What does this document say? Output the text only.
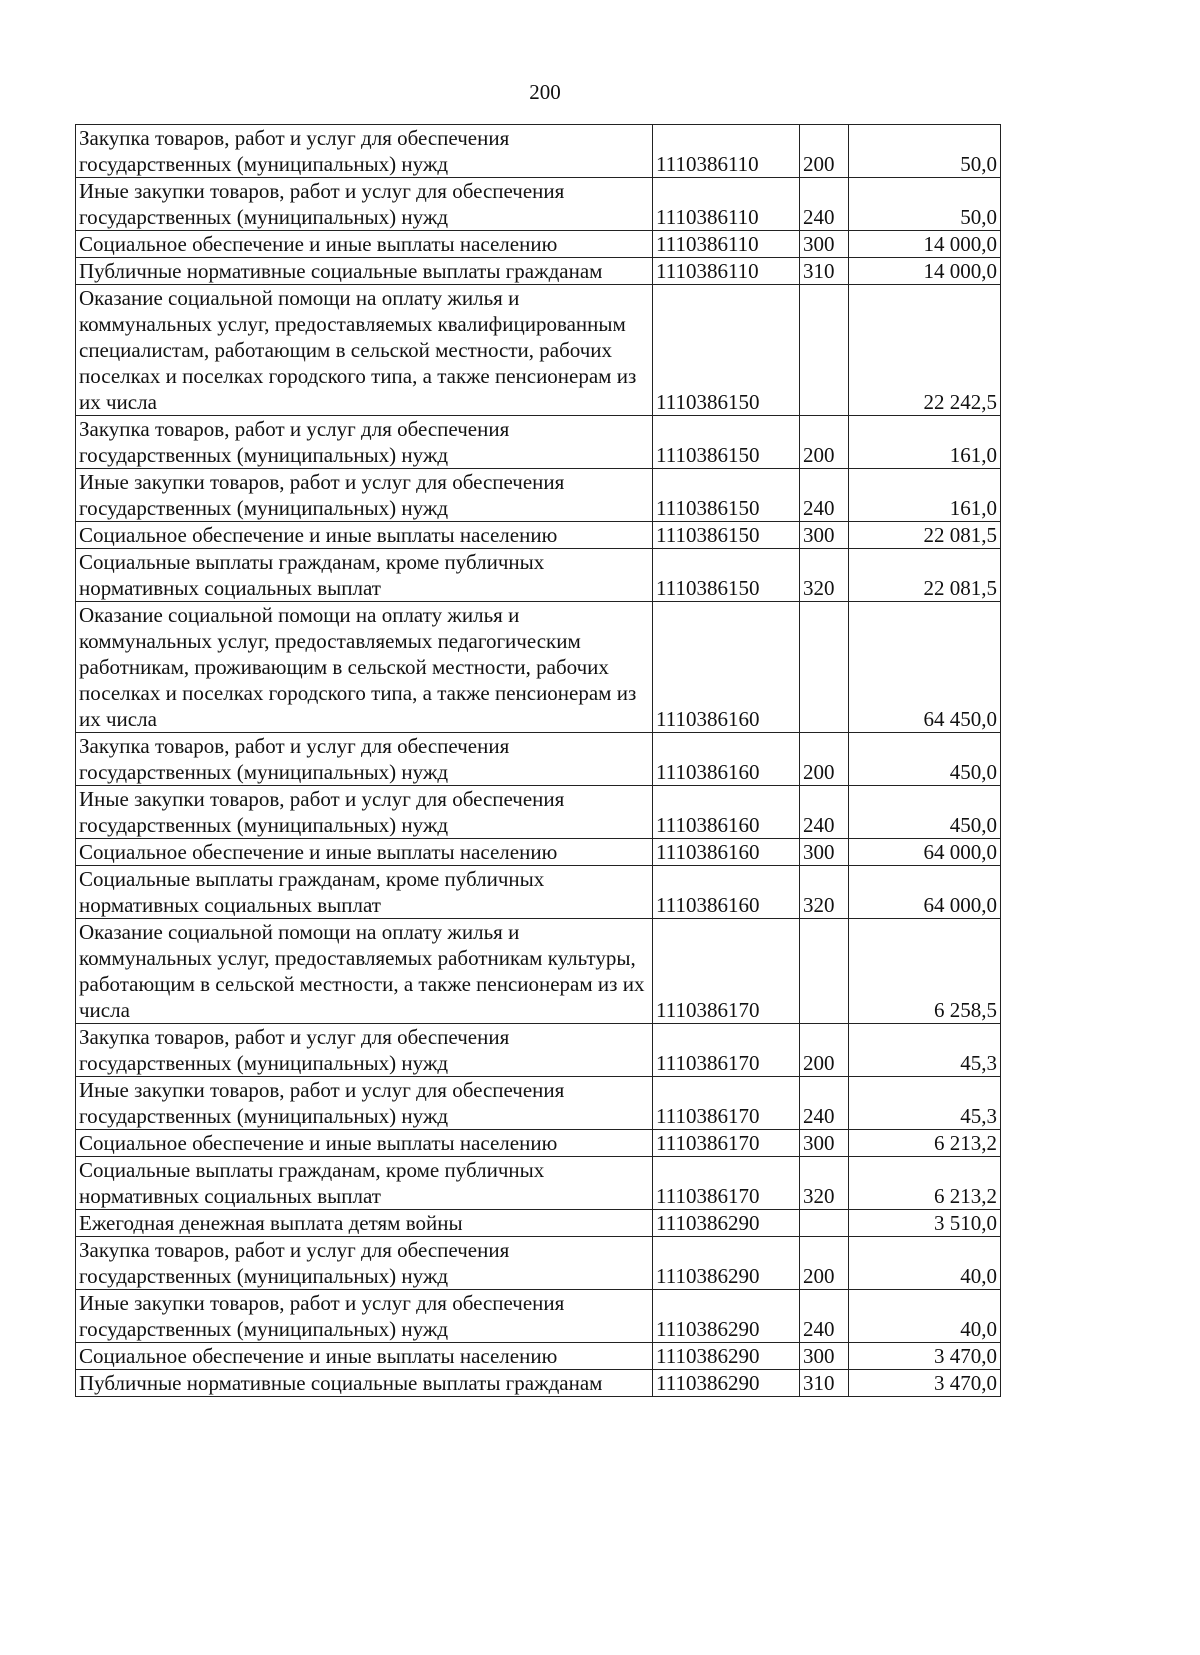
200
Закупка товаров, работ и услуг для обеспечения государственных (муниципальных) нужд	1110386110	200	50,0
Иные закупки товаров, работ и услуг для обеспечения государственных (муниципальных) нужд	1110386110	240	50,0
Социальное обеспечение и иные выплаты населению	1110386110	300	14 000,0
Публичные нормативные социальные выплаты гражданам	1110386110	310	14 000,0
Оказание социальной помощи на оплату жилья и коммунальных услуг, предоставляемых квалифицированным специалистам, работающим в сельской местности, рабочих поселках и поселках городского типа, а также пенсионерам из их числа	1110386150		22 242,5
Закупка товаров, работ и услуг для обеспечения государственных (муниципальных) нужд	1110386150	200	161,0
Иные закупки товаров, работ и услуг для обеспечения государственных (муниципальных) нужд	1110386150	240	161,0
Социальное обеспечение и иные выплаты населению	1110386150	300	22 081,5
Социальные выплаты гражданам, кроме публичных нормативных социальных выплат	1110386150	320	22 081,5
Оказание социальной помощи на оплату жилья и коммунальных услуг, предоставляемых педагогическим работникам, проживающим в сельской местности, рабочих поселках и поселках городского типа, а также пенсионерам из их числа	1110386160		64 450,0
Закупка товаров, работ и услуг для обеспечения государственных (муниципальных) нужд	1110386160	200	450,0
Иные закупки товаров, работ и услуг для обеспечения государственных (муниципальных) нужд	1110386160	240	450,0
Социальное обеспечение и иные выплаты населению	1110386160	300	64 000,0
Социальные выплаты гражданам, кроме публичных нормативных социальных выплат	1110386160	320	64 000,0
Оказание социальной помощи на оплату жилья и коммунальных услуг, предоставляемых работникам культуры, работающим в сельской местности, а также пенсионерам из их числа	1110386170		6 258,5
Закупка товаров, работ и услуг для обеспечения государственных (муниципальных) нужд	1110386170	200	45,3
Иные закупки товаров, работ и услуг для обеспечения государственных (муниципальных) нужд	1110386170	240	45,3
Социальное обеспечение и иные выплаты населению	1110386170	300	6 213,2
Социальные выплаты гражданам, кроме публичных нормативных социальных выплат	1110386170	320	6 213,2
Ежегодная денежная выплата детям войны	1110386290		3 510,0
Закупка товаров, работ и услуг для обеспечения государственных (муниципальных) нужд	1110386290	200	40,0
Иные закупки товаров, работ и услуг для обеспечения государственных (муниципальных) нужд	1110386290	240	40,0
Социальное обеспечение и иные выплаты населению	1110386290	300	3 470,0
Публичные нормативные социальные выплаты гражданам	1110386290	310	3 470,0
